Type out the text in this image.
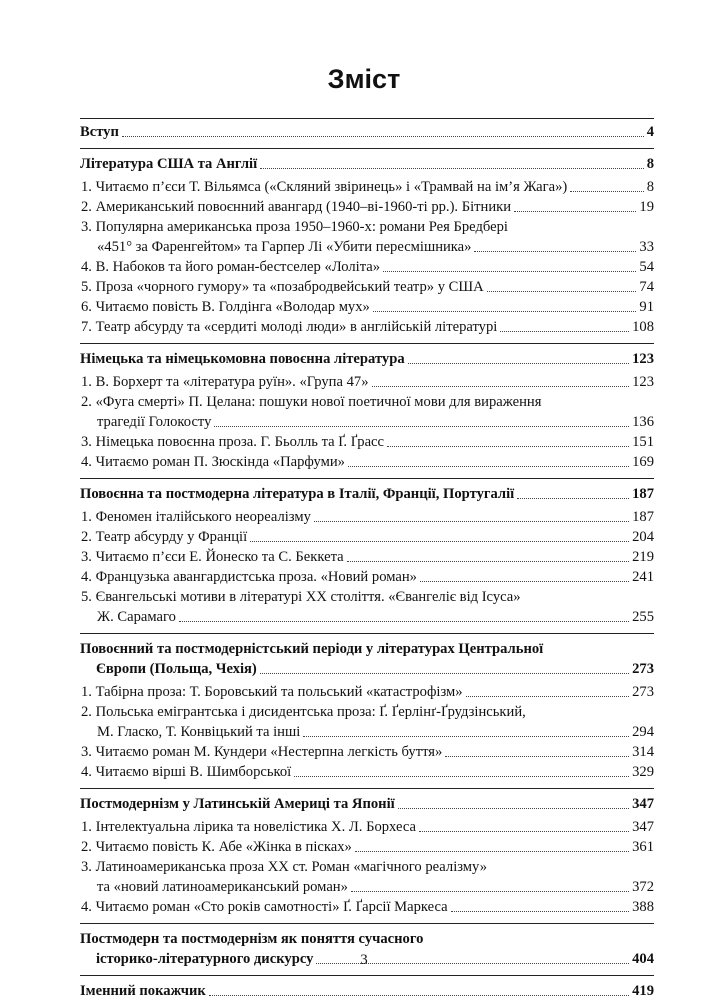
Зміст
Вступ	4
Література США та Англії	8
1. Читаємо п’єси Т. Вільямса («Скляний звіринець» і «Трамвай на ім’я Жага»)	8
2. Американський повоєнний авангард (1940–ві-1960-ті рр.). Бітники	19
3. Популярна американська проза 1950–1960-х: романи Рея Бредбері
«451° за Фаренгейтом» та Гарпер Лі «Убити пересмішника»	33
4. В. Набоков та його роман-бестселер «Лоліта»	54
5. Проза «чорного гумору» та «позабродвейський театр» у США	74
6. Читаємо повість В. Голдінга «Володар мух»	91
7. Театр абсурду та «сердиті молоді люди» в англійській літературі	108
Німецька та німецькомовна повоєнна література	123
1. В. Борхерт та «література руїн». «Група 47»	123
2. «Фуга смерті» П. Целана: пошуки нової поетичної мови для вираження
трагедії Голокосту	136
3. Німецька повоєнна проза. Г. Бьолль та Ґ. Ґрасс	151
4. Читаємо роман П. Зюскінда «Парфуми»	169
Повоєнна та постмодерна література в Італії, Франції, Португалії	187
1. Феномен італійського неореалізму	187
2. Театр абсурду у Франції	204
3. Читаємо п’єси Е. Йонеско та С. Беккета	219
4. Французька авангардистська проза. «Новий роман»	241
5. Євангельські мотиви в літературі ХХ століття. «Євангеліє від Ісуса»
Ж. Сарамаго	255
Повоєнний та постмодерністський періоди у літературах Центральної
Європи (Польща, Чехія)	273
1. Табірна проза: Т. Боровський та польський «катастрофізм»	273
2. Польська емігрантська і дисидентська проза: Ґ. Ґерлінґ-Ґрудзінський,
М. Гласко, Т. Конвіцький та інші	294
3. Читаємо роман М. Кундери «Нестерпна легкість буття»	314
4. Читаємо вірші В. Шимборської	329
Постмодернізм у Латинській Америці та Японії	347
1. Інтелектуальна лірика та новелістика Х. Л. Борхеса	347
2. Читаємо повість К. Абе «Жінка в пісках»	361
3. Латиноамериканська проза ХХ ст. Роман «магічного реалізму»
та «новий латиноамериканський роман»	372
4. Читаємо роман «Сто років самотності» Ґ. Ґарсії Маркеса	388
Постмодерн та постмодернізм як поняття сучасного
історико-літературного дискурсу	404
Іменний покажчик	419
3
